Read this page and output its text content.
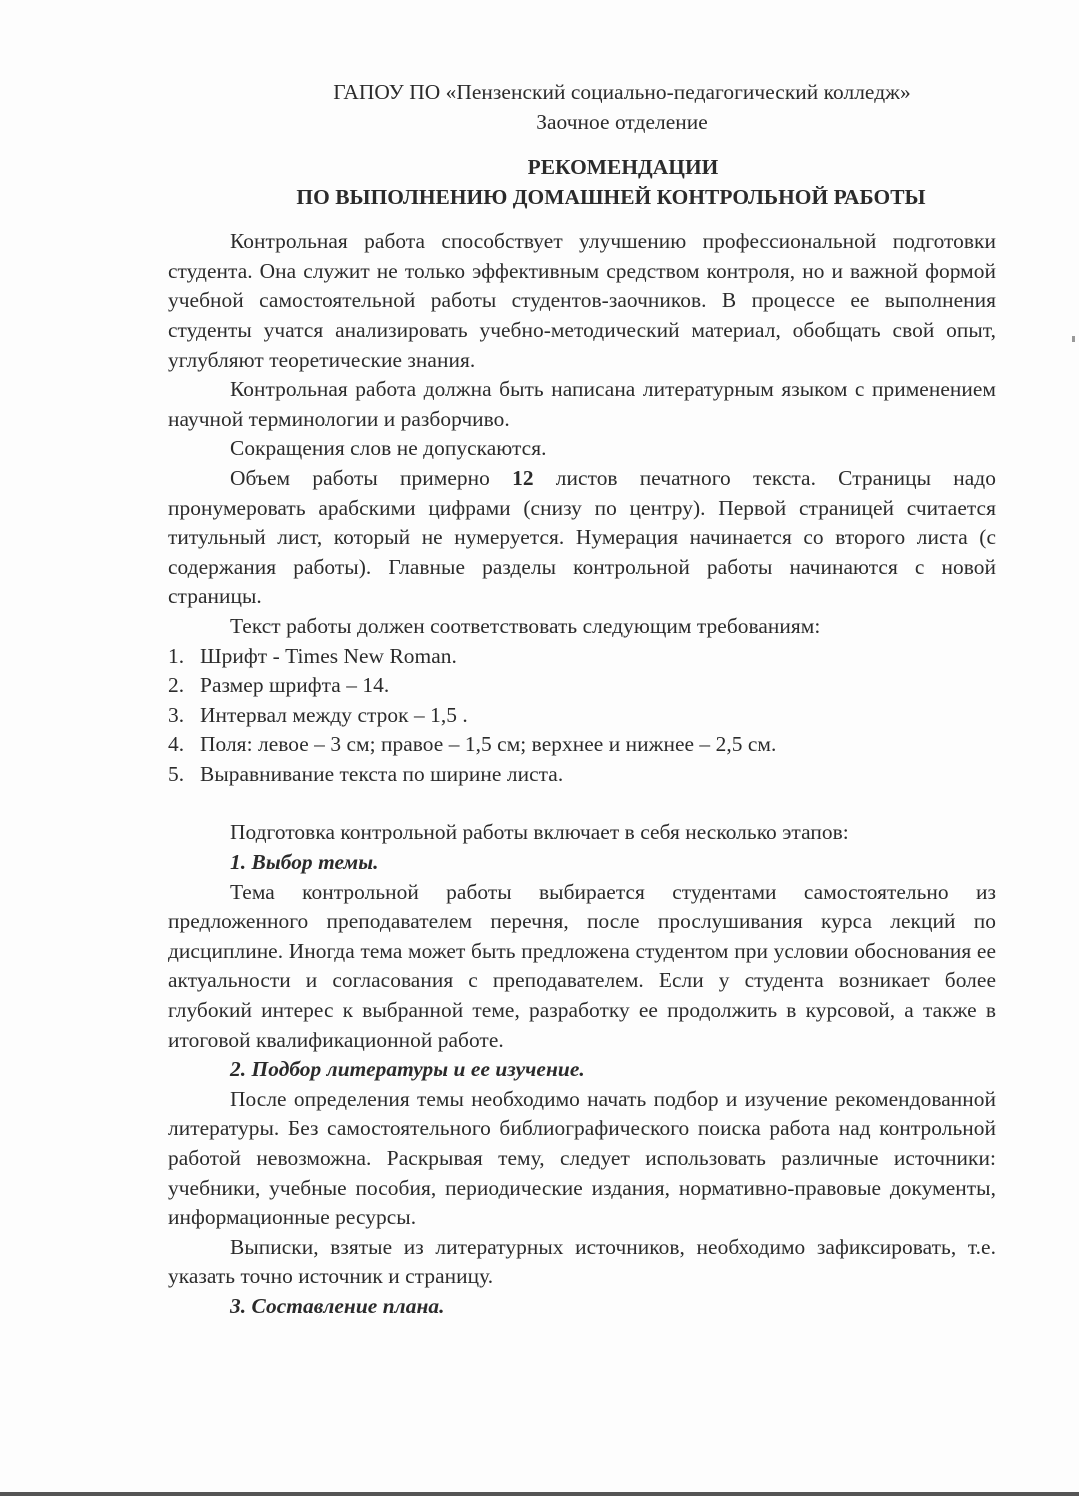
ГАПОУ ПО «Пензенский социально-педагогический колледж»
Заочное отделение
РЕКОМЕНДАЦИИ
ПО ВЫПОЛНЕНИЮ ДОМАШНЕЙ КОНТРОЛЬНОЙ РАБОТЫ

Контрольная работа способствует улучшению профессиональной подготовки студента. Она служит не только эффективным средством контроля, но и важной формой учебной самостоятельной работы студентов-заочников. В процессе ее выполнения студенты учатся анализировать учебно-методический материал, обобщать свой опыт, углубляют теоретические знания.

Контрольная работа должна быть написана литературным языком с применением научной терминологии и разборчиво.

Сокращения слов не допускаются.

Объем работы примерно 12 листов печатного текста. Страницы надо пронумеровать арабскими цифрами (снизу по центру). Первой страницей считается титульный лист, который не нумеруется. Нумерация начинается со второго листа (с содержания работы). Главные разделы контрольной работы начинаются с новой страницы.

Текст работы должен соответствовать следующим требованиям:

1. Шрифт - Times New Roman.
2. Размер шрифта – 14.
3. Интервал между строк – 1,5 .
4. Поля: левое – 3 см; правое – 1,5 см; верхнее и нижнее – 2,5 см.
5. Выравнивание текста по ширине листа.

Подготовка контрольной работы включает в себя несколько этапов:

1. Выбор темы.

Тема контрольной работы выбирается студентами самостоятельно из предложенного преподавателем перечня, после прослушивания курса лекций по дисциплине. Иногда тема может быть предложена студентом при условии обоснования ее актуальности и согласования с преподавателем. Если у студента возникает более глубокий интерес к выбранной теме, разработку ее продолжить в курсовой, а также в итоговой квалификационной работе.

2. Подбор литературы и ее изучение.

После определения темы необходимо начать подбор и изучение рекомендованной литературы. Без самостоятельного библиографического поиска работа над контрольной работой невозможна. Раскрывая тему, следует использовать различные источники: учебники, учебные пособия, периодические издания, нормативно-правовые документы, информационные ресурсы.

Выписки, взятые из литературных источников, необходимо зафиксировать, т.е. указать точно источник и страницу.

3. Составление плана.
